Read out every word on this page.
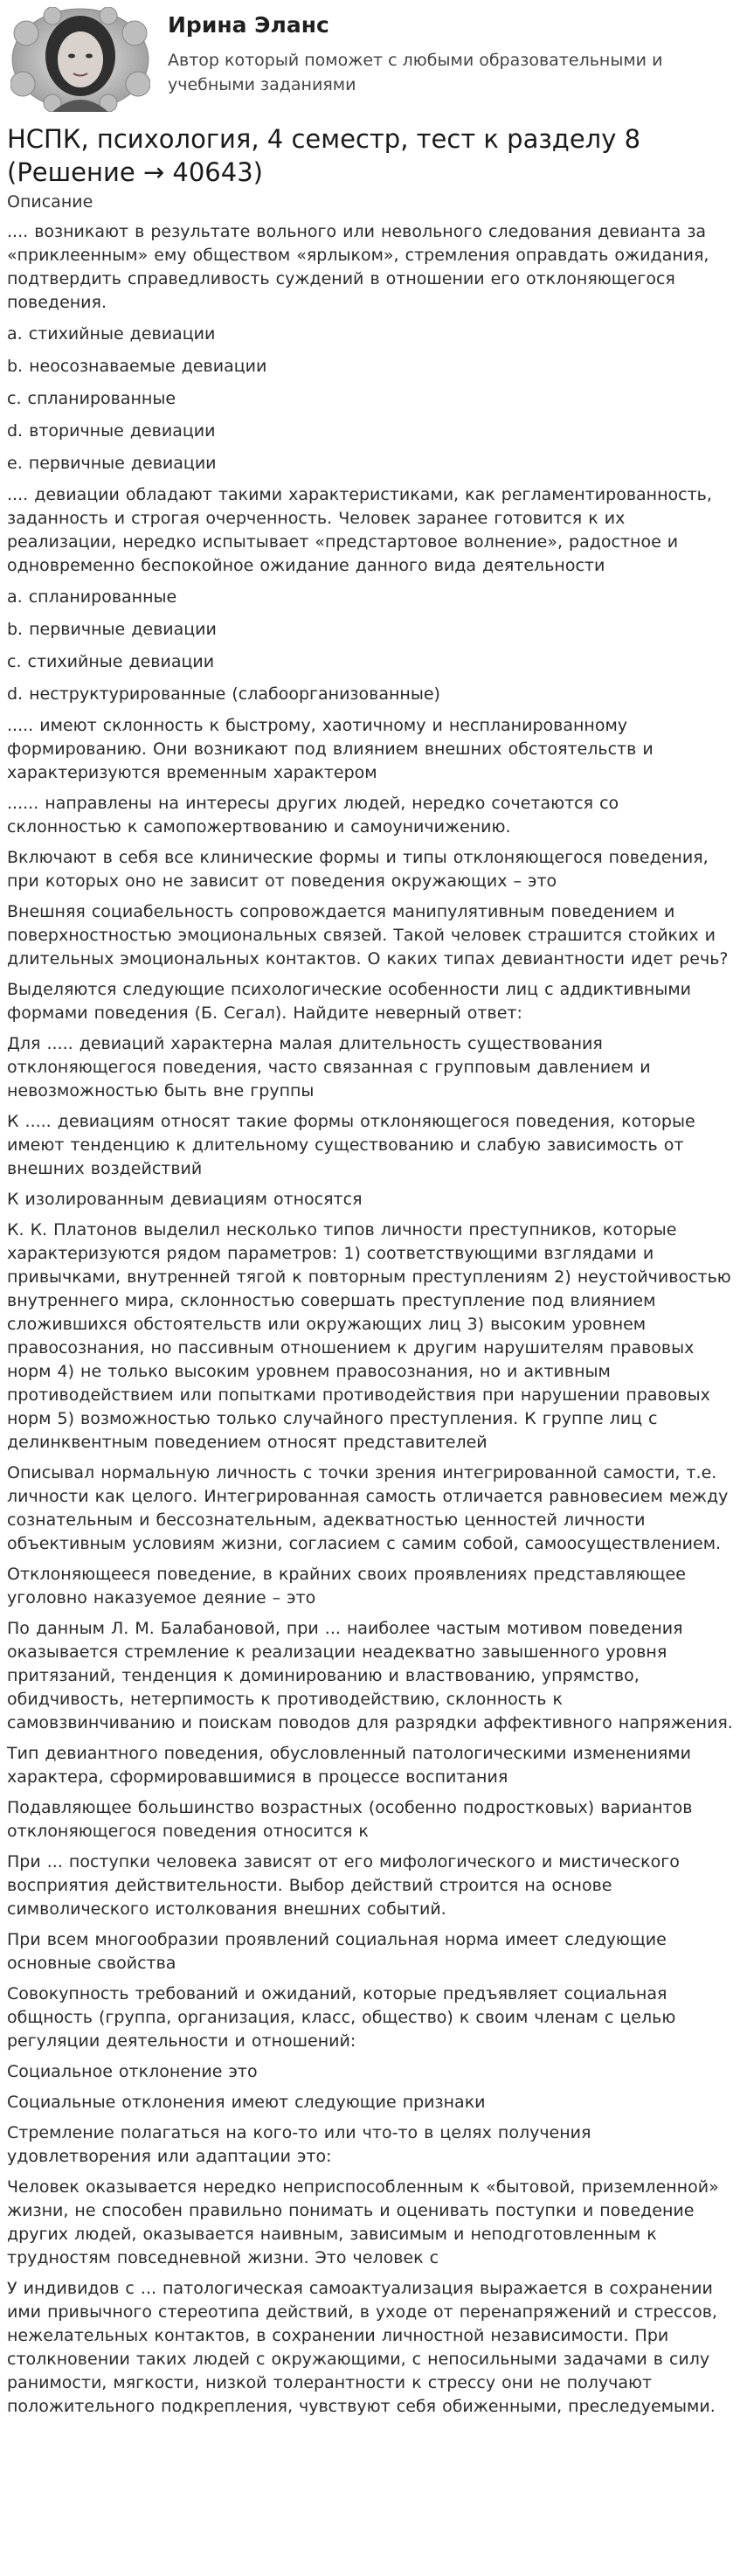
Ирина Эланс
Автор который поможет с любыми образовательными и учебными заданиями
НСПК, психология, 4 семестр, тест к разделу 8 (Решение → 40643)
Описание

.... возникают в результате вольного или невольного следования девианта за «приклеенным» ему обществом «ярлыком», стремления оправдать ожидания, подтвердить справедливость суждений в отношении его отклоняющегося поведения.

a. стихийные девиации

b. неосознаваемые девиации

c. спланированные

d. вторичные девиации

e. первичные девиации

.... девиации обладают такими характеристиками, как регламентированность, заданность и строгая очерченность. Человек заранее готовится к их реализации, нередко испытывает «предстартовое волнение», радостное и одновременно беспокойное ожидание данного вида деятельности

a. спланированные

b. первичные девиации

c. стихийные девиации

d. неструктурированные (слабоорганизованные)

..... имеют склонность к быстрому, хаотичному и неспланированному формированию. Они возникают под влиянием внешних обстоятельств и характеризуются временным характером

...... направлены на интересы других людей, нередко сочетаются со склонностью к самопожертвованию и самоуничижению.

Включают в себя все клинические формы и типы отклоняющегося поведения, при которых оно не зависит от поведения окружающих – это

Внешняя социабельность сопровождается манипулятивным поведением и поверхностностью эмоциональных связей. Такой человек страшится стойких и длительных эмоциональных контактов. О каких типах девиантности идет речь?

Выделяются следующие психологические особенности лиц с аддиктивными формами поведения (Б. Сегал). Найдите неверный ответ:

Для ..... девиаций характерна малая длительность существования отклоняющегося поведения, часто связанная с групповым давлением и невозможностью быть вне группы

К ..... девиациям относят такие формы отклоняющегося поведения, которые имеют тенденцию к длительному существованию и слабую зависимость от внешних воздействий

К изолированным девиациям относятся

К. К. Платонов выделил несколько типов личности преступников, которые характеризуются рядом параметров: 1) соответствующими взглядами и привычками, внутренней тягой к повторным преступлениям 2) неустойчивостью внутреннего мира, склонностью совершать преступление под влиянием сложившихся обстоятельств или окружающих лиц 3) высоким уровнем правосознания, но пассивным отношением к другим нарушителям правовых норм 4) не только высоким уровнем правосознания, но и активным противодействием или попытками противодействия при нарушении правовых норм 5) возможностью только случайного преступления. К группе лиц с делинквентным поведением относят представителей

Описывал нормальную личность с точки зрения интегрированной самости, т.е. личности как целого. Интегрированная самость отличается равновесием между сознательным и бессознательным, адекватностью ценностей личности объективным условиям жизни, согласием с самим собой, самоосуществлением.

Отклоняющееся поведение, в крайних своих проявлениях представляющее уголовно наказуемое деяние – это

По данным Л. М. Балабановой, при ... наиболее частым мотивом поведения оказывается стремление к реализации неадекватно завышенного уровня притязаний, тенденция к доминированию и властвованию, упрямство, обидчивость, нетерпимость к противодействию, склонность к самовзвинчиванию и поискам поводов для разрядки аффективного напряжения.

Тип девиантного поведения, обусловленный патологическими изменениями характера, сформировавшимися в процессе воспитания

Подавляющее большинство возрастных (особенно подростковых) вариантов отклоняющегося поведения относится к

При ... поступки человека зависят от его мифологического и мистического восприятия действительности. Выбор действий строится на основе символического истолкования внешних событий.

При всем многообразии проявлений социальная норма имеет следующие основные свойства

Совокупность требований и ожиданий, которые предъявляет социальная общность (группа, организация, класс, общество) к своим членам с целью регуляции деятельности и отношений:

Социальное отклонение это

Социальные отклонения имеют следующие признаки

Стремление полагаться на кого-то или что-то в целях получения удовлетворения или адаптации это:

Человек оказывается нередко неприспособленным к «бытовой, приземленной» жизни, не способен правильно понимать и оценивать поступки и поведение других людей, оказывается наивным, зависимым и неподготовленным к трудностям повседневной жизни. Это человек с

У индивидов с ... патологическая самоактуализация выражается в сохранении ими привычного стереотипа действий, в уходе от перенапряжений и стрессов, нежелательных контактов, в сохранении личностной независимости. При столкновении таких людей с окружающими, с непосильными задачами в силу ранимости, мягкости, низкой толерантности к стрессу они не получают положительного подкрепления, чувствуют себя обиженными, преследуемыми.
